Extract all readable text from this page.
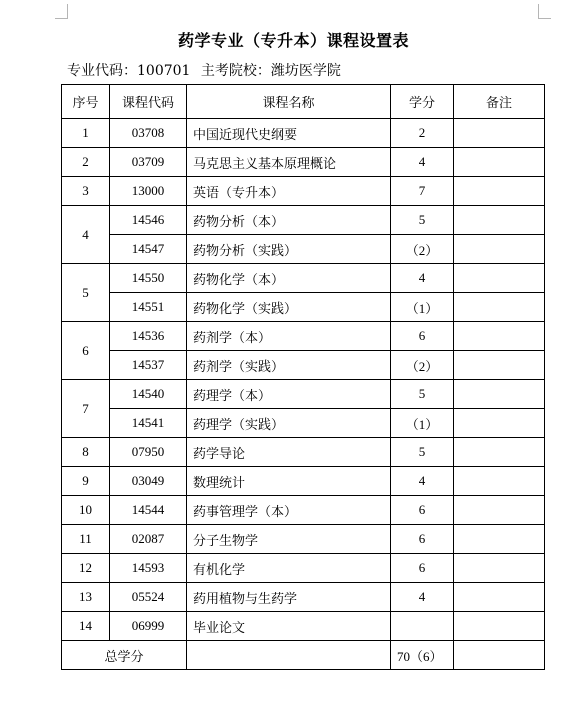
药学专业（专升本）课程设置表
专业代码：100701 主考院校：潍坊医学院
序号	课程代码	课程名称	学分	备注
1	03708	中国近现代史纲要	2	
2	03709	马克思主义基本原理概论	4	
3	13000	英语（专升本）	7	
4	14546	药物分析（本）	5	
	14547	药物分析（实践）	（2）	
5	14550	药物化学（本）	4	
	14551	药物化学（实践）	（1）	
6	14536	药剂学（本）	6	
	14537	药剂学（实践）	（2）	
7	14540	药理学（本）	5	
	14541	药理学（实践）	（1）	
8	07950	药学导论	5	
9	03049	数理统计	4	
10	14544	药事管理学（本）	6	
11	02087	分子生物学	6	
12	14593	有机化学	6	
13	05524	药用植物与生药学	4	
14	06999	毕业论文		
总学分			70（6）	
